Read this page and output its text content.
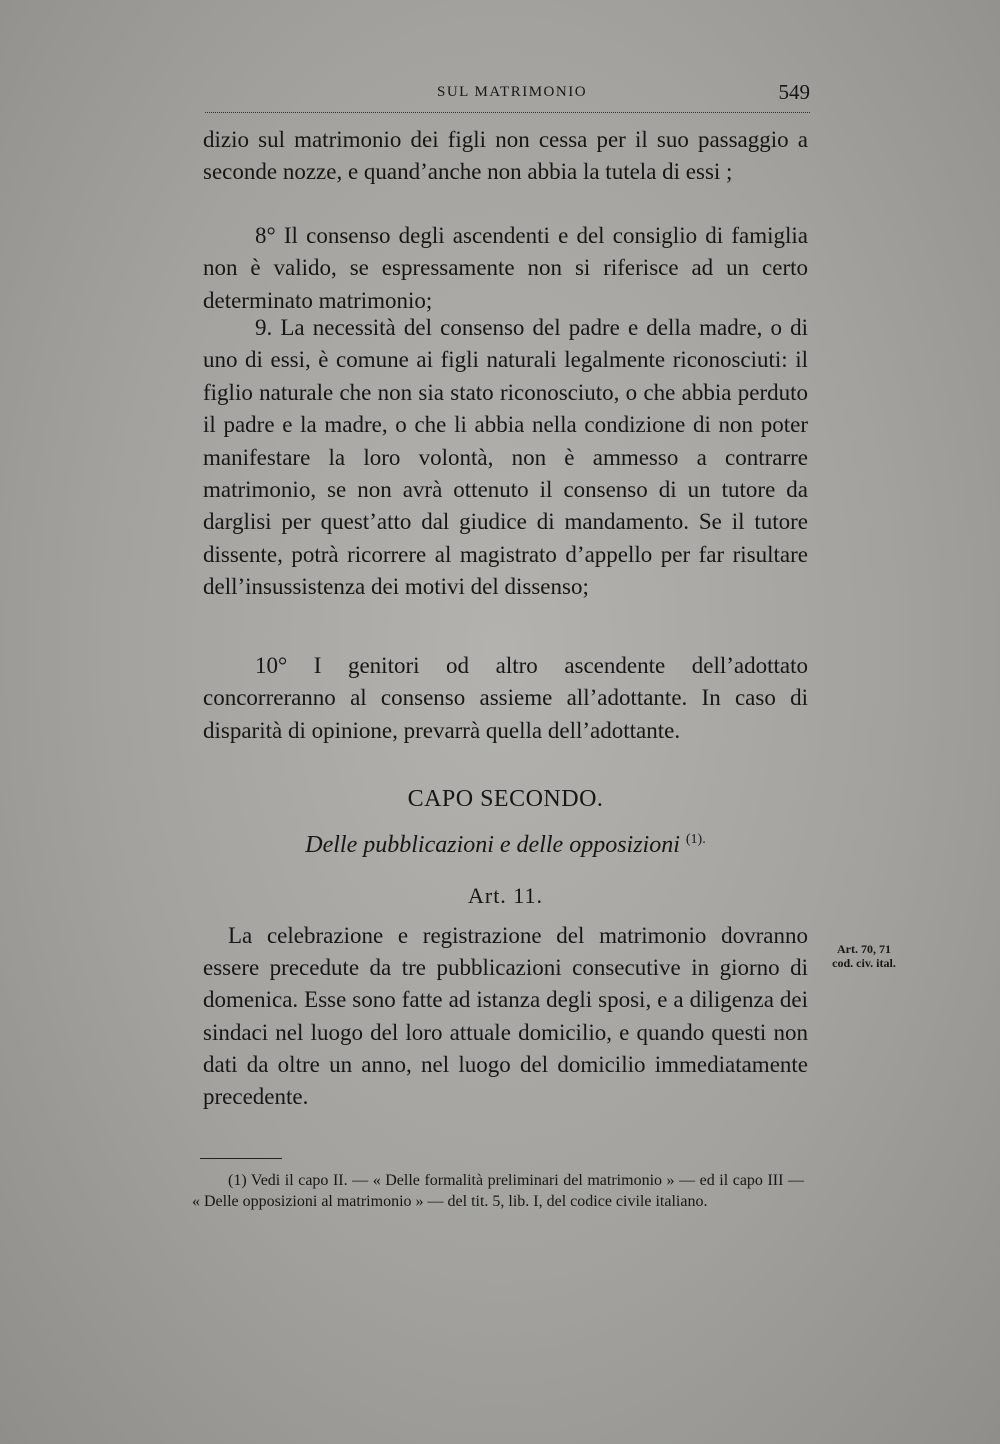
SUL MATRIMONIO	549

dizio sul matrimonio dei figli non cessa per il suo passaggio a seconde nozze, e quand’anche non abbia la tutela di essi ;

8° Il consenso degli ascendenti e del consiglio di famiglia non è valido, se espressamente non si riferisce ad un certo determinato matrimonio;

9. La necessità del consenso del padre e della madre, o di uno di essi, è comune ai figli naturali legalmente riconosciuti: il figlio naturale che non sia stato riconosciuto, o che abbia perduto il padre e la madre, o che li abbia nella condizione di non poter manifestare la loro volontà, non è ammesso a contrarre matrimonio, se non avrà ottenuto il consenso di un tutore da darglisi per quest’atto dal giudice di mandamento. Se il tutore dissente, potrà ricorrere al magistrato d’appello per far risultare dell’insussistenza dei motivi del dissenso;

10° I genitori od altro ascendente dell’adottato concorreranno al consenso assieme all’adottante. In caso di disparità di opinione, prevarrà quella dell’adottante.

CAPO SECONDO.
Delle pubblicazioni e delle opposizioni $^{(1).}$
Art. 11.

La celebrazione e registrazione del matrimonio dovranno essere precedute da tre pubblicazioni consecutive in giorno di domenica. Esse sono fatte ad istanza degli sposi, e a diligenza dei sindaci nel luogo del loro attuale domicilio, e quando questi non dati da oltre un anno, nel luogo del domicilio immediatamente precedente.

Art. 70, 71
cod. civ. ital.

(1) Vedi il capo II. — « Delle formalità preliminari del matrimonio » — ed il capo III — « Delle opposizioni al matrimonio » — del tit. 5, lib. I, del codice civile italiano.
